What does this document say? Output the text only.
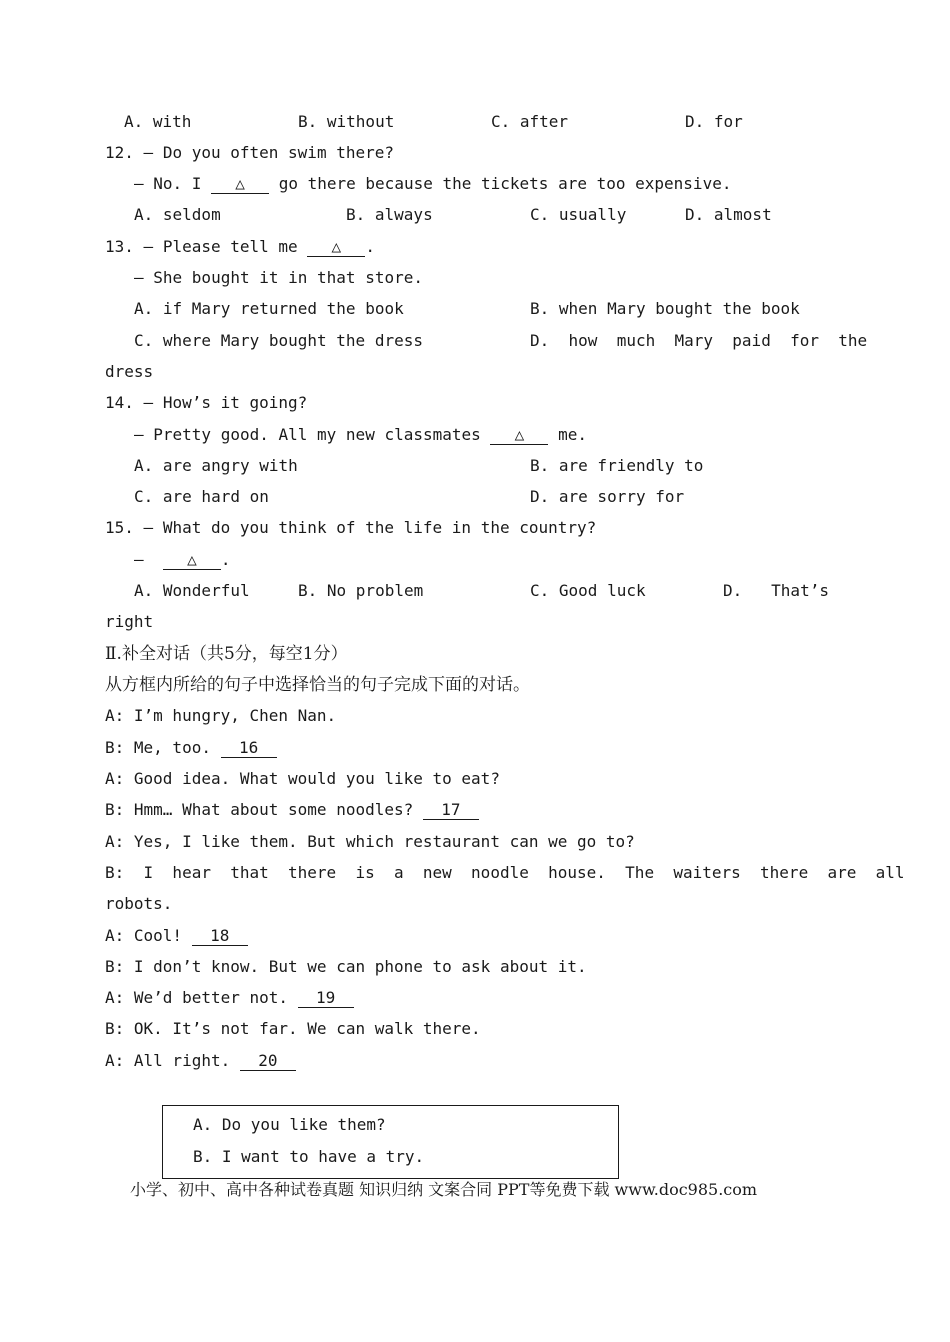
A. with	B. without	C. after	D. for
12. — Do you often swim there?
— No. I △ go there because the tickets are too expensive.
A. seldom	B. always	C. usually	D. almost
13. — Please tell me △ .
— She bought it in that store.
A. if Mary returned the book	B. when Mary bought the book
C. where Mary bought the dress	D.  how  much  Mary  paid  for  the
dress
14. — How’s it going?
— Pretty good. All my new classmates △ me.
A. are angry with	B. are friendly to
C. are hard on	D. are sorry for
15. — What do you think of the life in the country?
—	△ .
A. Wonderful	B. No problem	C. Good luck	D.   That’s
right
Ⅱ.补全对话（共5分，每空1分）
从方框内所给的句子中选择恰当的句子完成下面的对话。
A: I’m hungry, Chen Nan.
B: Me, too. 16
A: Good idea. What would you like to eat?
B: Hmm… What about some noodles? 17
A: Yes, I like them. But which restaurant can we go to?
B:  I  hear  that  there  is  a  new  noodle  house.  The  waiters  there  are  all
robots.
A: Cool! 18
B: I don’t know. But we can phone to ask about it.
A: We’d better not. 19
B: OK. It’s not far. We can walk there.
A: All right. 20
A. Do you like them?
B. I want to have a try.
小学、初中、高中各种试卷真题 知识归纳 文案合同 PPT等免费下载 www.doc985.com
